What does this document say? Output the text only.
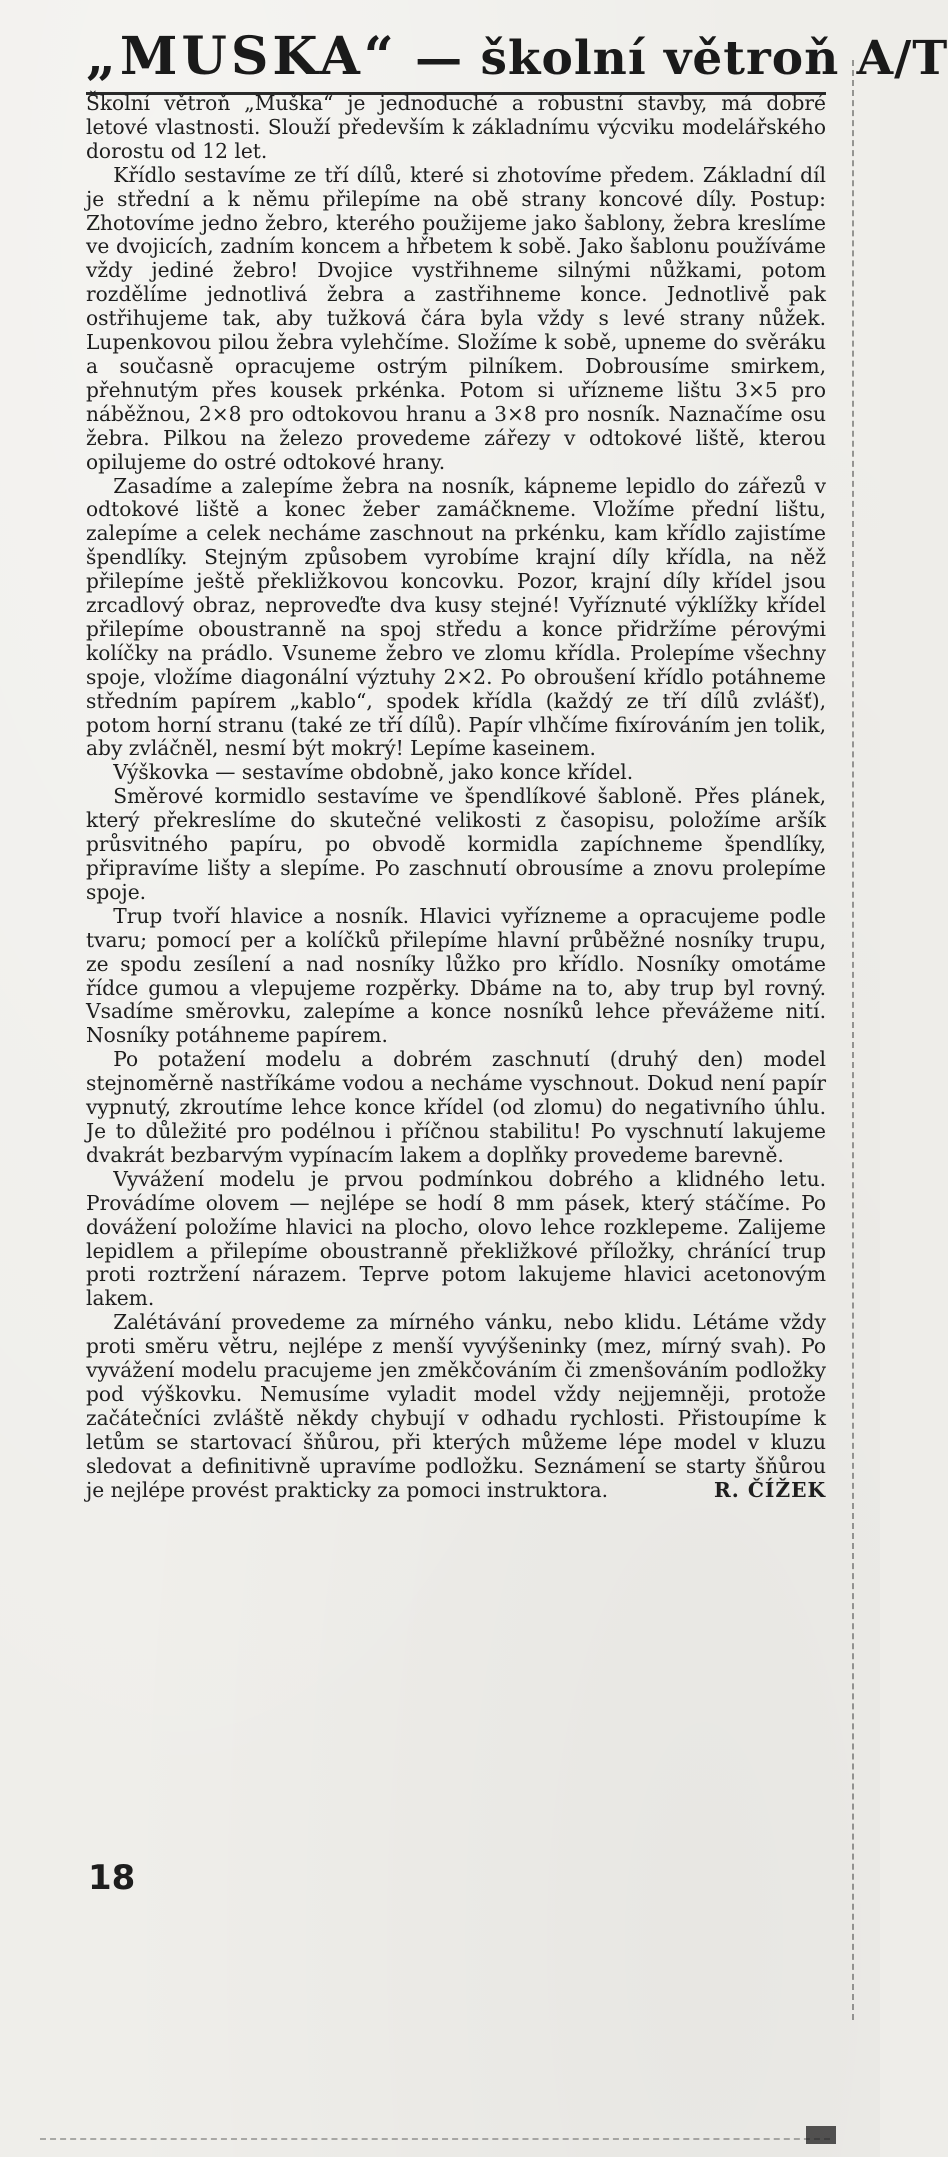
„MUSKA“ — školní větroň A/T

Školní větroň „Muška“ je jednoduché a robustní stavby, má dobré letové vlastnosti. Slouží především k základnímu výcviku modelářského dorostu od 12 let.

Křídlo sestavíme ze tří dílů, které si zhotovíme předem. Základní díl je střední a k němu přilepíme na obě strany koncové díly. Postup: Zhotovíme jedno žebro, kterého použijeme jako šablony, žebra kreslíme ve dvojicích, zadním koncem a hřbetem k sobě. Jako šablonu používáme vždy jediné žebro! Dvojice vystřihneme silnými nůžkami, potom rozdělíme jednotlivá žebra a zastřihneme konce. Jednotlivě pak ostřihujeme tak, aby tužková čára byla vždy s levé strany nůžek. Lupenkovou pilou žebra vylehčíme. Složíme k sobě, upneme do svěráku a současně opracujeme ostrým pilníkem. Dobrousíme smirkem, přehnutým přes kousek prkénka. Potom si uřízneme lištu 3×5 pro náběžnou, 2×8 pro odtokovou hranu a 3×8 pro nosník. Naznačíme osu žebra. Pilkou na železo provedeme zářezy v odtokové liště, kterou opilujeme do ostré odtokové hrany.

Zasadíme a zalepíme žebra na nosník, kápneme lepidlo do zářezů v odtokové liště a konec žeber zamáčkneme. Vložíme přední lištu, zalepíme a celek necháme zaschnout na prkénku, kam křídlo zajistíme špendlíky. Stejným způsobem vyrobíme krajní díly křídla, na něž přilepíme ještě překližkovou koncovku. Pozor, krajní díly křídel jsou zrcadlový obraz, neproveďte dva kusy stejné! Vyříznuté výklížky křídel přilepíme oboustranně na spoj středu a konce přidržíme pérovými kolíčky na prádlo. Vsuneme žebro ve zlomu křídla. Prolepíme všechny spoje, vložíme diagonální výztuhy 2×2. Po obroušení křídlo potáhneme středním papírem „kablo“, spodek křídla (každý ze tří dílů zvlášť), potom horní stranu (také ze tří dílů). Papír vlhčíme fixírováním jen tolik, aby zvláčněl, nesmí být mokrý! Lepíme kaseinem.

Výškovka — sestavíme obdobně, jako konce křídel.

Směrové kormidlo sestavíme ve špendlíkové šabloně. Přes plánek, který překreslíme do skutečné velikosti z časopisu, položíme aršík průsvitného papíru, po obvodě kormidla zapíchneme špendlíky, připravíme lišty a slepíme. Po zaschnutí obrousíme a znovu prolepíme spoje.

Trup tvoří hlavice a nosník. Hlavici vyřízneme a opracujeme podle tvaru; pomocí per a kolíčků přilepíme hlavní průběžné nosníky trupu, ze spodu zesílení a nad nosníky lůžko pro křídlo. Nosníky omotáme řídce gumou a vlepujeme rozpěrky. Dbáme na to, aby trup byl rovný. Vsadíme směrovku, zalepíme a konce nosníků lehce převážeme nití. Nosníky potáhneme papírem.

Po potažení modelu a dobrém zaschnutí (druhý den) model stejnoměrně nastříkáme vodou a necháme vyschnout. Dokud není papír vypnutý, zkroutíme lehce konce křídel (od zlomu) do negativního úhlu. Je to důležité pro podélnou i příčnou stabilitu! Po vyschnutí lakujeme dvakrát bezbarvým vypínacím lakem a doplňky provedeme barevně.

Vyvážení modelu je prvou podmínkou dobrého a klidného letu. Provádíme olovem — nejlépe se hodí 8 mm pásek, který stáčíme. Po dovážení položíme hlavici na plocho, olovo lehce rozklepeme. Zalijeme lepidlem a přilepíme oboustranně překližkové příložky, chránící trup proti roztržení nárazem. Teprve potom lakujeme hlavici acetonovým lakem.

Zalétávání provedeme za mírného vánku, nebo klidu. Létáme vždy proti směru větru, nejlépe z menší vyvýšeninky (mez, mírný svah). Po vyvážení modelu pracujeme jen změkčováním či zmenšováním podložky pod výškovku. Nemusíme vyladit model vždy nejjemněji, protože začátečníci zvláště někdy chybují v odhadu rychlosti. Přistoupíme k letům se startovací šňůrou, při kterých můžeme lépe model v kluzu sledovat a definitivně upravíme podložku. Seznámení se starty šňůrou je nejlépe provést prakticky za pomoci instruktora.	R. ČÍŽEK

18
